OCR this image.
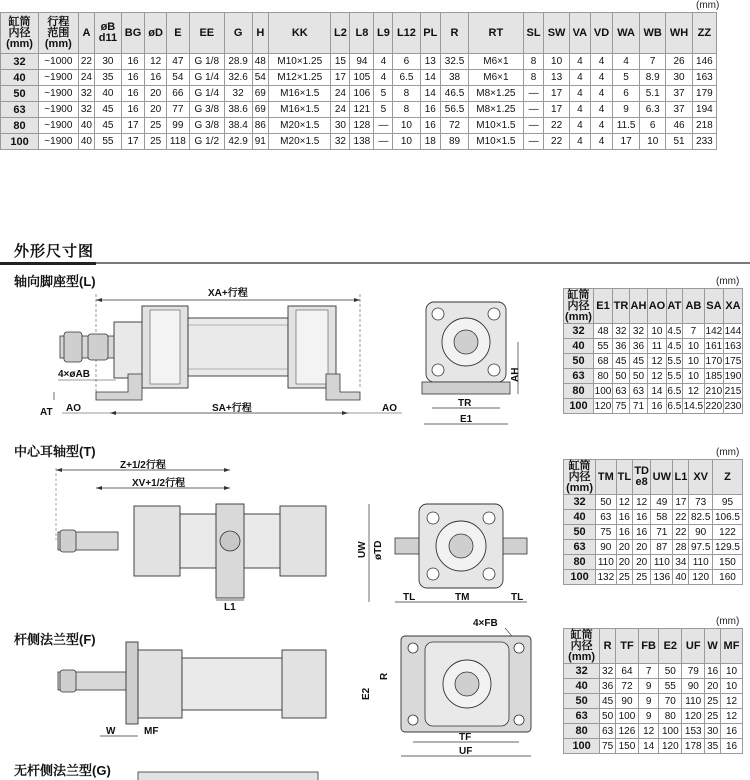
(mm)
缸筒
内径
(mm)	行程
范围
(mm)	A	øB
d11	BG	øD	E	EE	G	H	KK	L2	L8	L9	L12	PL	R	RT	SL	SW	VA	VD	WA	WB	WH	ZZ
32	~1000	22	30	16	12	47	G 1/8	28.9	48	M10×1.25	15	94	4	6	13	32.5	M6×1	8	10	4	4	4	7	26	146
40	~1900	24	35	16	16	54	G 1/4	32.6	54	M12×1.25	17	105	4	6.5	14	38	M6×1	8	13	4	4	5	8.9	30	163
50	~1900	32	40	16	20	66	G 1/4	32	69	M16×1.5	24	106	5	8	14	46.5	M8×1.25	—	17	4	4	6	5.1	37	179
63	~1900	32	45	16	20	77	G 3/8	38.6	69	M16×1.5	24	121	5	8	16	56.5	M8×1.25	—	17	4	4	9	6.3	37	194
80	~1900	40	45	17	25	99	G 3/8	38.4	86	M20×1.5	30	128	—	10	16	72	M10×1.5	—	22	4	4	11.5	6	46	218
100	~1900	40	55	17	25	118	G 1/2	42.9	91	M20×1.5	32	138	—	10	18	89	M10×1.5	—	22	4	4	17	10	51	233
外形尺寸图
轴向脚座型(L)
XA+行程
4×øAB
AT AO	SA+行程	AO
AH
TR
E1
(mm)
缸筒
内径
(mm)	E1	TR	AH	AO	AT	AB	SA	XA
32	48	32	32	10	4.5	7	142	144
40	55	36	36	11	4.5	10	161	163
50	68	45	45	12	5.5	10	170	175
63	80	50	50	12	5.5	10	185	190
80	100	63	63	14	6.5	12	210	215
100	120	75	71	16	6.5	14.5	220	230
中心耳轴型(T)
Z+1/2行程
XV+1/2行程
L1
UW øTD
TL	TM	TL
(mm)
缸筒
内径
(mm)	TM	TL	TD
e8	UW	L1	XV	Z
32	50	12	12	49	17	73	95
40	63	16	16	58	22	82.5	106.5
50	75	16	16	71	22	90	122
63	90	20	20	87	28	97.5	129.5
80	110	20	20	110	34	110	150
100	132	25	25	136	40	120	160
杆侧法兰型(F)
W	MF
4×FB
E2
R
TF
UF
(mm)
缸筒
内径
(mm)	R	TF	FB	E2	UF	W	MF
32	32	64	7	50	79	16	10
40	36	72	9	55	90	20	10
50	45	90	9	70	110	25	12
63	50	100	9	80	120	25	12
80	63	126	12	100	153	30	16
100	75	150	14	120	178	35	16
无杆侧法兰型(G)
